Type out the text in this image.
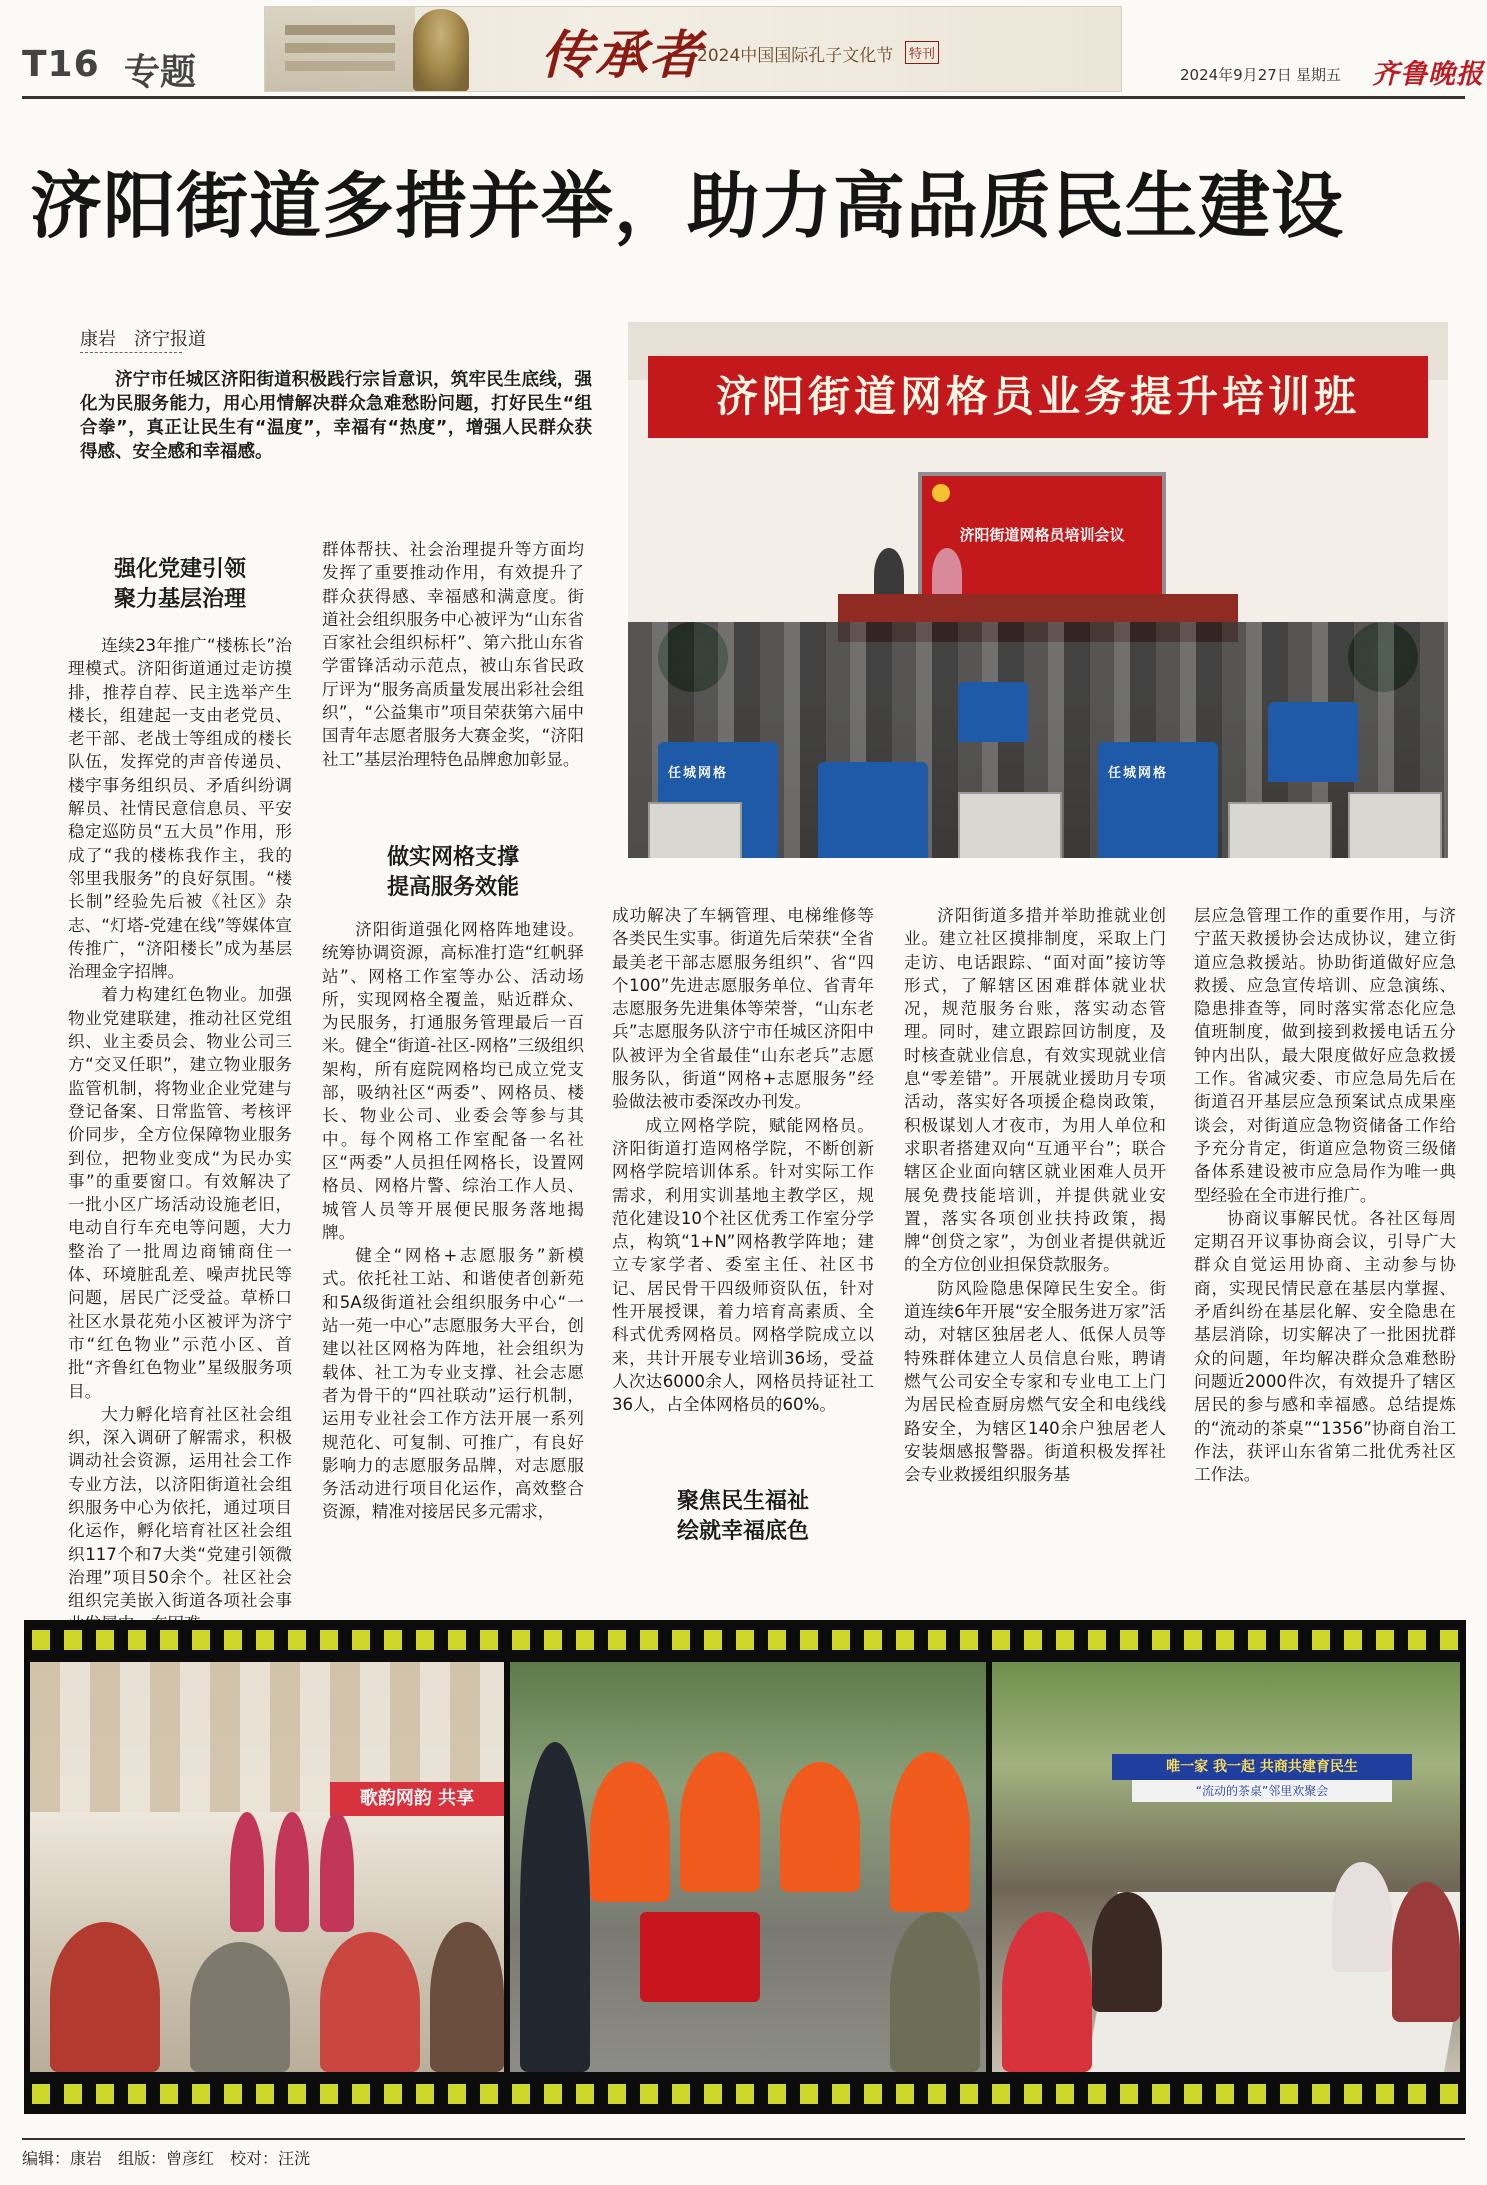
T16 专题	传承者
2024中国国际孔子文化节	特刊
2024年9月27日 星期五 齐鲁晚报
济阳街道多措并举，助力高品质民生建设
康岩　济宁报道
济宁市任城区济阳街道积极践行宗旨意识，筑牢民生底线，强化为民服务能力，用心用情解决群众急难愁盼问题，打好民生“组合拳”，真正让民生有“温度”，幸福有“热度”，增强人民群众获得感、安全感和幸福感。
济阳街道网格员业务提升培训班
济阳街道网格员培训会议
任城网格	任城网格
强化党建引领
聚力基层治理
做实网格支撑
提高服务效能
聚焦民生福祉
绘就幸福底色

连续23年推广“楼栋长”治理模式。济阳街道通过走访摸排，推荐自荐、民主选举产生楼长，组建起一支由老党员、老干部、老战士等组成的楼长队伍，发挥党的声音传递员、楼宇事务组织员、矛盾纠纷调解员、社情民意信息员、平安稳定巡防员“五大员”作用，形成了“我的楼栋我作主，我的邻里我服务”的良好氛围。“楼长制”经验先后被《社区》杂志、“灯塔-党建在线”等媒体宣传推广，“济阳楼长”成为基层治理金字招牌。

着力构建红色物业。加强物业党建联建，推动社区党组织、业主委员会、物业公司三方“交叉任职”，建立物业服务监管机制，将物业企业党建与登记备案、日常监管、考核评价同步，全方位保障物业服务到位，把物业变成“为民办实事”的重要窗口。有效解决了一批小区广场活动设施老旧，电动自行车充电等问题，大力整治了一批周边商铺商住一体、环境脏乱差、噪声扰民等问题，居民广泛受益。草桥口社区水景花苑小区被评为济宁市“红色物业”示范小区、首批“齐鲁红色物业”星级服务项目。

大力孵化培育社区社会组织，深入调研了解需求，积极调动社会资源，运用社会工作专业方法，以济阳街道社会组织服务中心为依托，通过项目化运作，孵化培育社区社会组织117个和7大类“党建引领微治理”项目50余个。社区社会组织完美嵌入街道各项社会事

群体帮扶、社会治理提升等方面均发挥了重要推动作用，有效提升了群众获得感、幸福感和满意度。街道社会组织服务中心被评为“山东省百家社会组织标杆”、第六批山东省学雷锋活动示范点，被山东省民政厅评为“服务高质量发展出彩社会组织”，“公益集市”项目荣获第六届中国青年志愿者服务大赛金奖，“济阳社工”基层治理特色品牌愈加彰显。

济阳街道强化网格阵地建设。统筹协调资源，高标准打造“红帆驿站”、网格工作室等办公、活动场所，实现网格全覆盖，贴近群众、为民服务，打通服务管理最后一百米。健全“街道-社区-网格”三级组织架构，所有庭院网格均已成立党支部，吸纳社区“两委”、网格员、楼长、物业公司、业委会等参与其中。每个网格工作室配备一名社区“两委”人员担任网格长，设置网格员、网格片警、综治工作人员、城管人员等开展便民服务落地揭牌。

健全“网格+志愿服务”新模式。依托社工站、和谐使者创新苑和5A级街道社会组织服务中心“一站一苑一中心”志愿服务大平台，创建以社区网格为阵地，社会组织为载体、社工为专业支撑、社会志愿者为骨干的“四社联动”运行机制，运用专业社会工作方法开展一系列规范化、可复制、可推广，有良好影响力的志愿服务品牌，对志愿服务活动进行项目化运作，高效整合资源，精准对接居民多元需求，

成功解决了车辆管理、电梯维修等各类民生实事。街道先后荣获“全省最美老干部志愿服务组织”、省“四个100”先进志愿服务单位、省青年志愿服务先进集体等荣誉，“山东老兵”志愿服务队济宁市任城区济阳中队被评为全省最佳“山东老兵”志愿服务队，街道“网格+志愿服务”经验做法被市委深改办刊发。

成立网格学院，赋能网格员。济阳街道打造网格学院，不断创新网格学院培训体系。针对实际工作需求，利用实训基地主教学区，规范化建设10个社区优秀工作室分学点，构筑“1+N”网格教学阵地；建立专家学者、委室主任、社区书记、居民骨干四级师资队伍，针对性开展授课，着力培育高素质、全科式优秀网格员。网格学院成立以来，共计开展专业培训36场，受益人次达6000余人，网格员持证社工36人，占全体网格员的60%。

济阳街道多措并举助推就业创业。建立社区摸排制度，采取上门走访、电话跟踪、“面对面”接访等形式，了解辖区困难群体就业状况，规范服务台账，落实动态管理。同时，建立跟踪回访制度，及时核查就业信息，有效实现就业信息“零差错”。开展就业援助月专项活动，落实好各项援企稳岗政策，积极谋划人才夜市，为用人单位和求职者搭建双向“互通平台”；联合辖区企业面向辖区就业困难人员开展免费技能培训，并提供就业安置，落实各项创业扶持政策，揭牌“创贷之家”，为创业者提供就近的全方位创业担保贷款服务。

防风险隐患保障民生安全。街道连续6年开展“安全服务进万家”活动，对辖区独居老人、低保人员等特殊群体建立人员信息台账，聘请燃气公司安全专家和专业电工上门为居民检查厨房燃气安全和电线线路安全，为辖区140余户独居老人安装烟感报警器。街道积极发挥社会专业救援组织服务基

层应急管理工作的重要作用，与济宁蓝天救援协会达成协议，建立街道应急救援站。协助街道做好应急救援、应急宣传培训、应急演练、隐患排查等，同时落实常态化应急值班制度，做到接到救援电话五分钟内出队，最大限度做好应急救援工作。省减灾委、市应急局先后在街道召开基层应急预案试点成果座谈会，对街道应急物资储备工作给予充分肯定，街道应急物资三级储备体系建设被市应急局作为唯一典型经验在全市进行推广。

协商议事解民忧。各社区每周定期召开议事协商会议，引导广大群众自觉运用协商、主动参与协商，实现民情民意在基层内掌握、矛盾纠纷在基层化解、安全隐患在基层消除，切实解决了一批困扰群众的问题，年均解决群众急难愁盼问题近2000件次，有效提升了辖区居民的参与感和幸福感。总结提炼的“流动的茶桌”“1356”协商自治工作法，获评山东省第二批优秀社区工作法。

歌韵网韵 共享
唯一家 我一起 共商共建育民生
“流动的茶桌”邻里欢聚会
编辑：康岩　组版：曾彦红　校对：汪洸
